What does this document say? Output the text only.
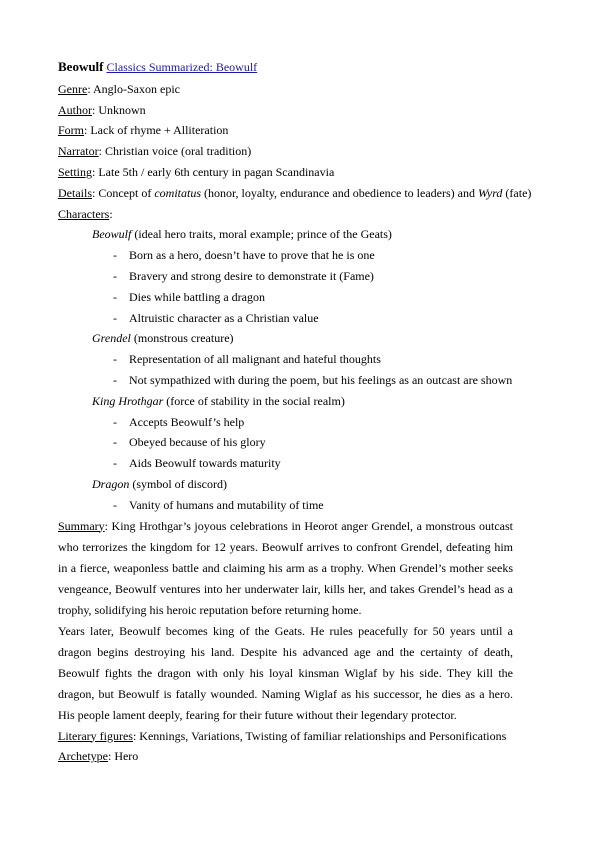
Beowulf Classics Summarized: Beowulf
Genre: Anglo-Saxon epic
Author: Unknown
Form: Lack of rhyme + Alliteration
Narrator: Christian voice (oral tradition)
Setting: Late 5th / early 6th century in pagan Scandinavia
Details: Concept of comitatus (honor, loyalty, endurance and obedience to leaders) and Wyrd (fate)
Characters:
Beowulf (ideal hero traits, moral example; prince of the Geats)
- Born as a hero, doesn’t have to prove that he is one
- Bravery and strong desire to demonstrate it (Fame)
- Dies while battling a dragon
- Altruistic character as a Christian value
Grendel (monstrous creature)
- Representation of all malignant and hateful thoughts
- Not sympathized with during the poem, but his feelings as an outcast are shown
King Hrothgar (force of stability in the social realm)
- Accepts Beowulf’s help
- Obeyed because of his glory
- Aids Beowulf towards maturity
Dragon (symbol of discord)
- Vanity of humans and mutability of time
Summary: King Hrothgar’s joyous celebrations in Heorot anger Grendel, a monstrous outcast who terrorizes the kingdom for 12 years. Beowulf arrives to confront Grendel, defeating him in a fierce, weaponless battle and claiming his arm as a trophy. When Grendel’s mother seeks vengeance, Beowulf ventures into her underwater lair, kills her, and takes Grendel’s head as a trophy, solidifying his heroic reputation before returning home.
Years later, Beowulf becomes king of the Geats. He rules peacefully for 50 years until a dragon begins destroying his land. Despite his advanced age and the certainty of death, Beowulf fights the dragon with only his loyal kinsman Wiglaf by his side. They kill the dragon, but Beowulf is fatally wounded. Naming Wiglaf as his successor, he dies as a hero. His people lament deeply, fearing for their future without their legendary protector.
Literary figures: Kennings, Variations, Twisting of familiar relationships and Personifications
Archetype: Hero
